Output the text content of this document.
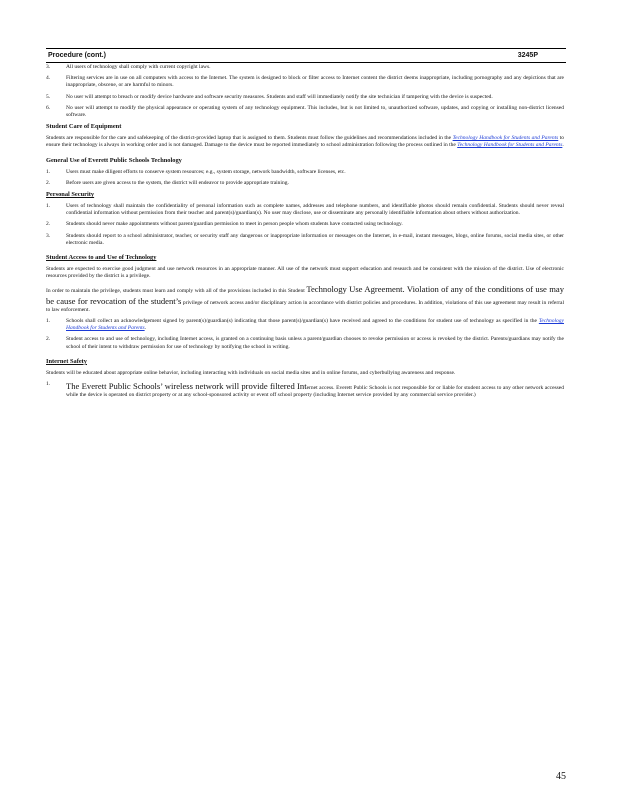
Procedure (cont.)	3245P
3.	All users of technology shall comply with current copyright laws.
4.	Filtering services are in use on all computers with access to the Internet. The system is designed to block or filter access to Internet content the district deems inappropriate, including pornography and any depictions that are inappropriate, obscene, or are harmful to minors.
5.	No user will attempt to breach or modify device hardware and software security measures. Students and staff will immediately notify the site technician if tampering with the device is suspected.
6.	No user will attempt to modify the physical appearance or operating system of any technology equipment. This includes, but is not limited to, unauthorized software, updates, and copying or installing non-district licensed software.

Student Care of Equipment

Students are responsible for the care and safekeeping of the district-provided laptop that is assigned to them. Students must follow the guidelines and recommendations included in the Technology Handbook for Students and Parents to ensure their technology is always in working order and is not damaged. Damage to the device must be reported immediately to school administration following the process outlined in the Technology Handbook for Students and Parents.

General Use of Everett Public Schools Technology

1.	Users must make diligent efforts to conserve system resources; e.g., system storage, network bandwidth, software licenses, etc.
2.	Before users are given access to the system, the district will endeavor to provide appropriate training.

Personal Security

1.	Users of technology shall maintain the confidentiality of personal information such as complete names, addresses and telephone numbers, and identifiable photos should remain confidential. Students should never reveal confidential information without permission from their teacher and parent(s)/guardian(s). No user may disclose, use or disseminate any personally identifiable information about others without authorization.
2.	Students should never make appointments without parent/guardian permission to meet in person people whom students have contacted using technology.
3.	Students should report to a school administrator, teacher, or security staff any dangerous or inappropriate information or messages on the Internet, in e-mail, instant messages, blogs, online forums, social media sites, or other electronic media.

Student Access to and Use of Technology

Students are expected to exercise good judgment and use network resources in an appropriate manner. All use of the network must support education and research and be consistent with the mission of the district. Use of electronic resources provided by the district is a privilege.

In order to maintain the privilege, students must learn and comply with all of the provisions included in this Student Technology Use Agreement. Violation of any of the conditions of use may be cause for revocation of the student’s privilege of network access and/or disciplinary action in accordance with district policies and procedures. In addition, violations of this use agreement may result in referral to law enforcement.

1.	Schools shall collect an acknowledgement signed by parent(s)/guardian(s) indicating that those parent(s)/guardian(s) have received and agreed to the conditions for student use of technology as specified in the Technology Handbook for Students and Parents.
2.	Student access to and use of technology, including Internet access, is granted on a continuing basis unless a parent/guardian chooses to revoke permission or access is revoked by the district. Parents/guardians may notify the school of their intent to withdraw permission for use of technology by notifying the school in writing.

Internet Safety

Students will be educated about appropriate online behavior, including interacting with individuals on social media sites and in online forums, and cyberbullying awareness and response.

1. The Everett Public Schools’ wireless network will provide filtered Internet access. Everett Public Schools is not responsible for or liable for student access to any other network accessed while the device is operated on district property or at any school-sponsored activity or event off school property (including Internet service provided by any commercial service provider.)
45
